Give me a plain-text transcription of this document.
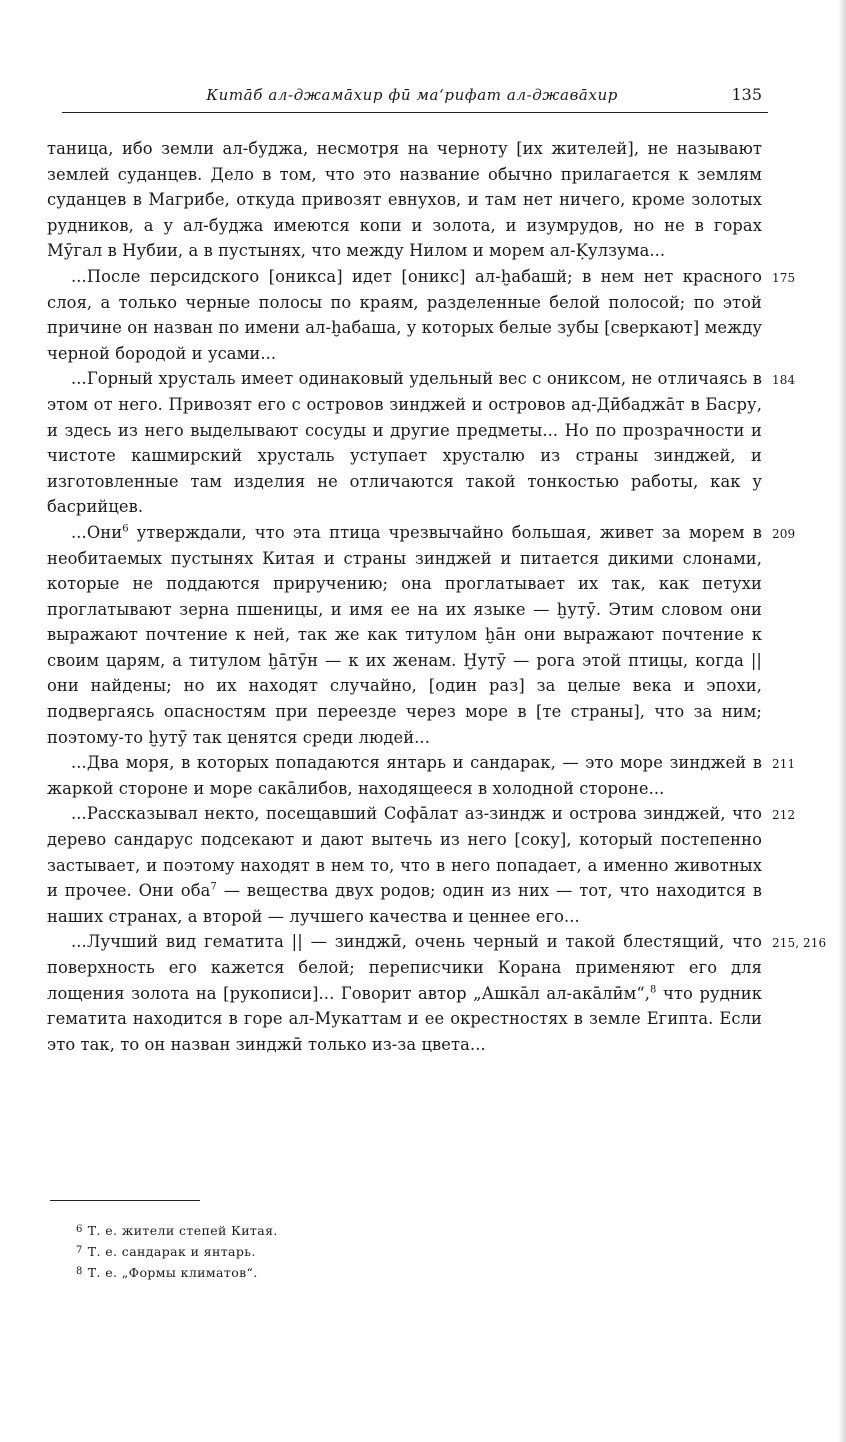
Китāб ал-джамāхир фū ма‘рифат ал-джавāхир	135

таница, ибо земли ал-буджа, несмотря на черноту [их жителей], не называют землей суданцев. Дело в том, что это название обычно прилагается к землям суданцев в Магрибе, откуда привозят евнухов, и там нет ничего, кроме золотых рудников, а у ал-буджа имеются копи и золота, и изумрудов, но не в горах Мӯгал в Нубии, а в пустынях, что между Нилом и морем ал-Ḳулзума...

175
...После персидского [оникса] идет [оникс] ал-ḫабашй; в нем нет красного слоя, а только черные полосы по краям, разделенные белой полосой; по этой причине он назван по имени ал-ḫабаша, у которых белые зубы [сверкают] между черной бородой и усами...

184
...Горный хрусталь имеет одинаковый удельный вес с ониксом, не отличаясь в этом от него. Привозят его с островов зинджей и островов ад-Дӣбаджāт в Басру, и здесь из него выделывают сосуды и другие предметы... Но по прозрачности и чистоте кашмирский хрусталь уступает хрусталю из страны зинджей, и изготовленные там изделия не отличаются такой тонкостью работы, как у басрийцев.

209
...Они$^6$ утверждали, что эта птица чрезвычайно большая, живет за морем в необитаемых пустынях Китая и страны зинджей и питается дикими слонами, которые не поддаются приручению; она проглатывает их так, как петухи проглатывают зерна пшеницы, и имя ее на их языке — ḫутӯ. Этим словом они выражают почтение к ней, так же как титулом ḫāн они выражают почтение к своим царям, а титулом ḫāтӯн — к их женам. Ḫутӯ — рога этой птицы, когда || они найдены; но их находят случайно, [один раз] за целые века и эпохи, подвергаясь опасностям при переезде через море в [те страны], что за ним; поэтому-то ḫутӯ так ценятся среди людей...

211
...Два моря, в которых попадаются янтарь и сандарак, — это море зинджей в жаркой стороне и море сакāлибов, находящееся в холодной стороне...

212
...Рассказывал некто, посещавший Софāлат аз-зиндж и острова зинджей, что дерево сандарус подсекают и дают вытечь из него [соку], который постепенно застывает, и поэтому находят в нем то, что в него попадает, а именно животных и прочее. Они оба$^7$ — вещества двух родов; один из них — тот, что находится в наших странах, а второй — лучшего качества и ценнее его...

215, 216
...Лучший вид гематита || — зинджӣ, очень черный и такой блестящий, что поверхность его кажется белой; переписчики Корана применяют его для лощения золота на [рукописи]... Говорит автор „Ашкāл ал-акāлӣм“,$^8$ что рудник гематита находится в горе ал-Мукаттам и ее окрестностях в земле Египта. Если это так, то он назван зинджӣ только из-за цвета...

$^6$ Т. е. жители степей Китая.
$^7$ Т. е. сандарак и янтарь.
$^8$ Т. е. „Формы климатов“.
